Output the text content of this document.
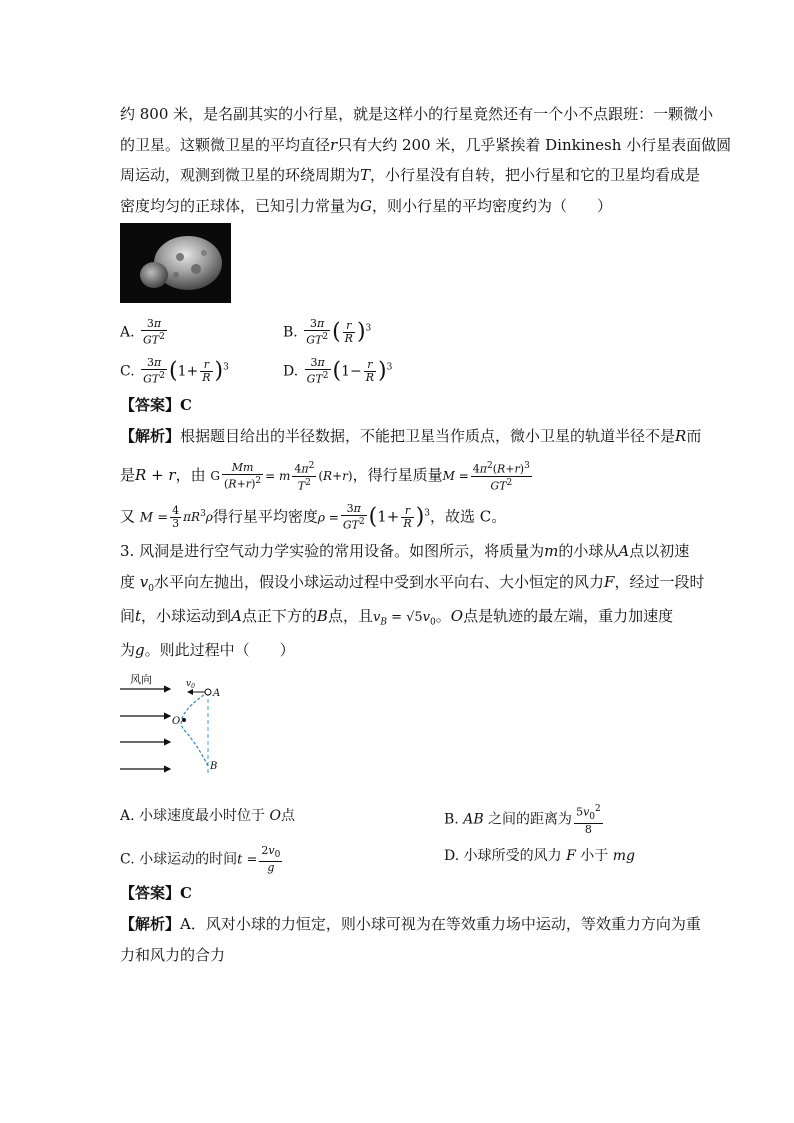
约 800 米，是名副其实的小行星，就是这样小的行星竟然还有一个小不点跟班：一颗微小
的卫星。这颗微卫星的平均直径r只有大约 200 米，几乎紧挨着 Dinkinesh 小行星表面做圆
周运动，观测到微卫星的环绕周期为T，小行星没有自转，把小行星和它的卫星均看成是
密度均匀的正球体，已知引力常量为G，则小行星的平均密度约为（　　）
A. $\frac{3\pi}{GT^2}$	B. $\frac{3\pi}{GT^2}$ ( $\frac{r}{R} )^3$
C. $\frac{3\pi}{GT^2} (1+ \frac{r}{R} )^3$	D. $\frac{3\pi}{GT^2} (1- \frac{r}{R} )^3$
【答案】C
【解析】根据题目给出的半径数据，不能把卫星当作质点，微小卫星的轨道半径不是R而
是R + r，由 G $\frac{Mm}{(R+r)^2} = m \frac{4\pi^2}{T^2} (R+r)$，得行星质量$M = \frac{4\pi^2(R+r)^3}{GT^2}$
又 $M = \frac{4}{3} \pi R^3\rho$得行星平均密度$\rho = \frac{3\pi}{GT^2} (1+ \frac{r}{R} )^3$，故选 C。
3. 风洞是进行空气动力学实验的常用设备。如图所示，将质量为m的小球从A点以初速
度 $v_0$水平向左抛出，假设小球运动过程中受到水平向右、大小恒定的风力F，经过一段时
间t，小球运动到A点正下方的B点，且$v_B = √5v_0$。O点是轨迹的最左端，重力加速度
为g。则此过程中（　　）
风向	$v_0$
A
O
B
A. 小球速度最小时位于 O点	B. AB 之间的距离为 $\frac{5v_0^2}{8}$
C. 小球运动的时间$t = \frac{2v_0}{g}$	D. 小球所受的风力 F 小于 mg
【答案】C
【解析】A．风对小球的力恒定，则小球可视为在等效重力场中运动，等效重力方向为重
力和风力的合力
